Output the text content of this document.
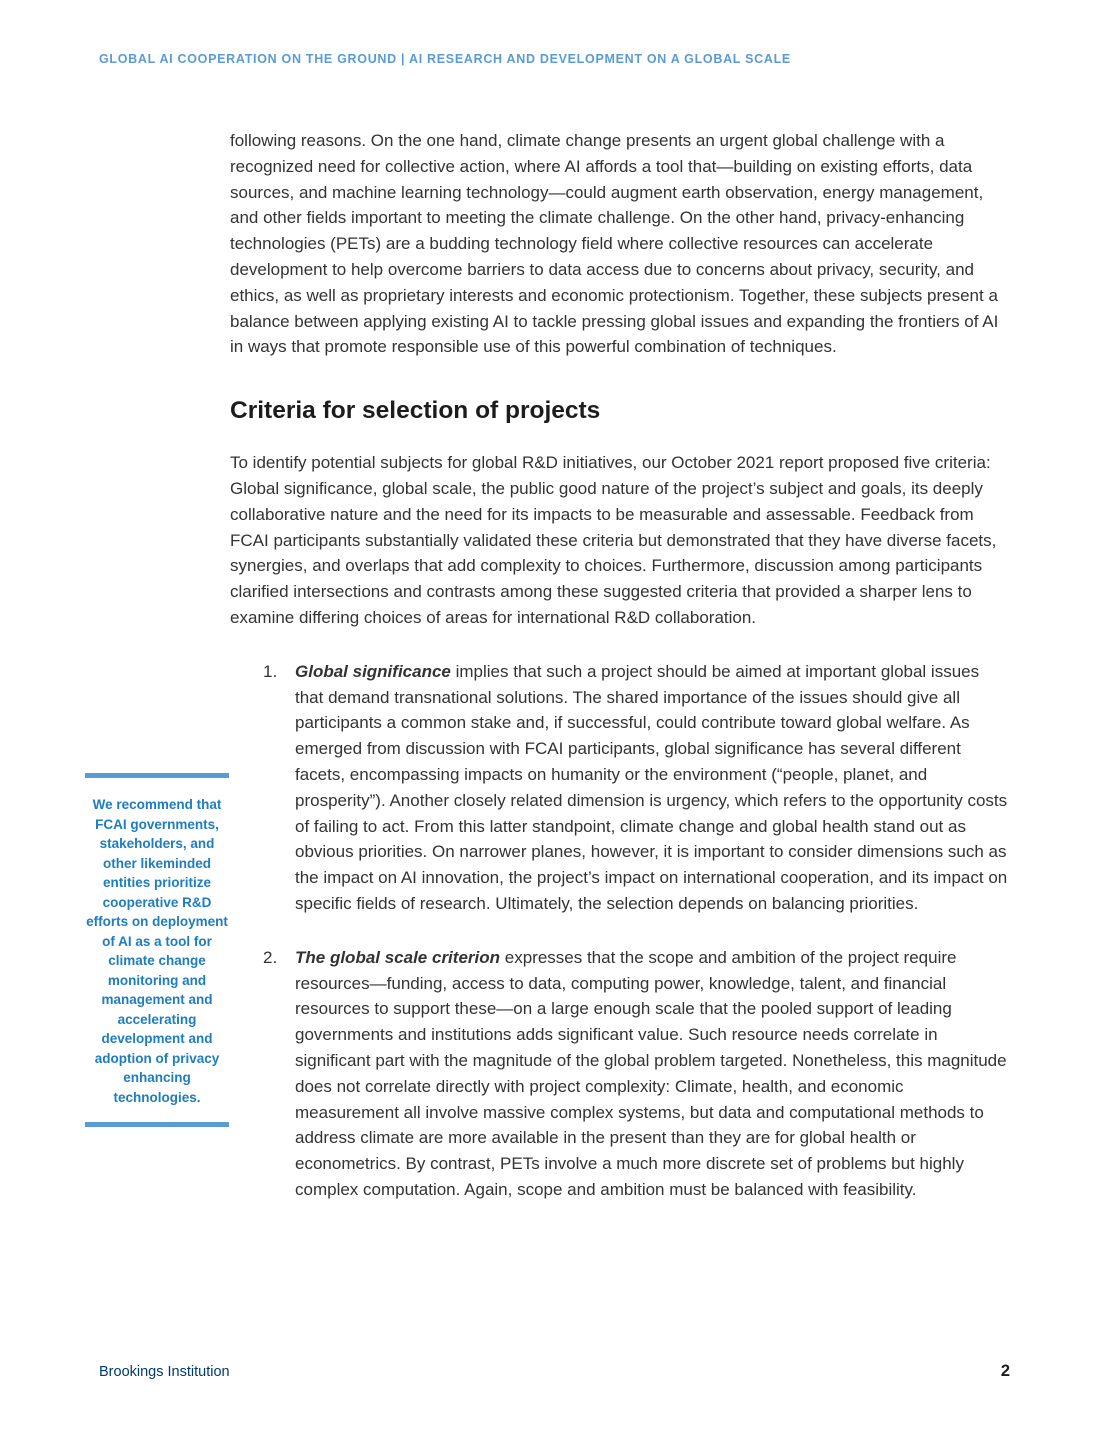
GLOBAL AI COOPERATION ON THE GROUND | AI RESEARCH AND DEVELOPMENT ON A GLOBAL SCALE

following reasons. On the one hand, climate change presents an urgent global challenge with a recognized need for collective action, where AI affords a tool that—building on existing efforts, data sources, and machine learning technology—could augment earth observation, energy management, and other fields important to meeting the climate challenge. On the other hand, privacy-enhancing technologies (PETs) are a budding technology field where collective resources can accelerate development to help overcome barriers to data access due to concerns about privacy, security, and ethics, as well as proprietary interests and economic protectionism. Together, these subjects present a balance between applying existing AI to tackle pressing global issues and expanding the frontiers of AI in ways that promote responsible use of this powerful combination of techniques.

Criteria for selection of projects

To identify potential subjects for global R&D initiatives, our October 2021 report proposed five criteria: Global significance, global scale, the public good nature of the project’s subject and goals, its deeply collaborative nature and the need for its impacts to be measurable and assessable. Feedback from FCAI participants substantially validated these criteria but demonstrated that they have diverse facets, synergies, and overlaps that add complexity to choices. Furthermore, discussion among participants clarified intersections and contrasts among these suggested criteria that provided a sharper lens to examine differing choices of areas for international R&D collaboration.

1.	Global significance implies that such a project should be aimed at important global issues that demand transnational solutions. The shared importance of the issues should give all participants a common stake and, if successful, could contribute toward global welfare. As emerged from discussion with FCAI participants, global significance has several different facets, encompassing impacts on humanity or the environment (“people, planet, and prosperity”). Another closely related dimension is urgency, which refers to the opportunity costs of failing to act. From this latter standpoint, climate change and global health stand out as obvious priorities. On narrower planes, however, it is important to consider dimensions such as the impact on AI innovation, the project’s impact on international cooperation, and its impact on specific fields of research. Ultimately, the selection depends on balancing priorities.
2.	The global scale criterion expresses that the scope and ambition of the project require resources—funding, access to data, computing power, knowledge, talent, and financial resources to support these—on a large enough scale that the pooled support of leading governments and institutions adds significant value. Such resource needs correlate in significant part with the magnitude of the global problem targeted. Nonetheless, this magnitude does not correlate directly with project complexity: Climate, health, and economic measurement all involve massive complex systems, but data and computational methods to address climate are more available in the present than they are for global health or econometrics. By contrast, PETs involve a much more discrete set of problems but highly complex computation. Again, scope and ambition must be balanced with feasibility.
We recommend that FCAI governments, stakeholders, and other likeminded entities prioritize cooperative R&D efforts on deployment of AI as a tool for climate change monitoring and management and accelerating development and adoption of privacy enhancing technologies.
Brookings Institution	2
